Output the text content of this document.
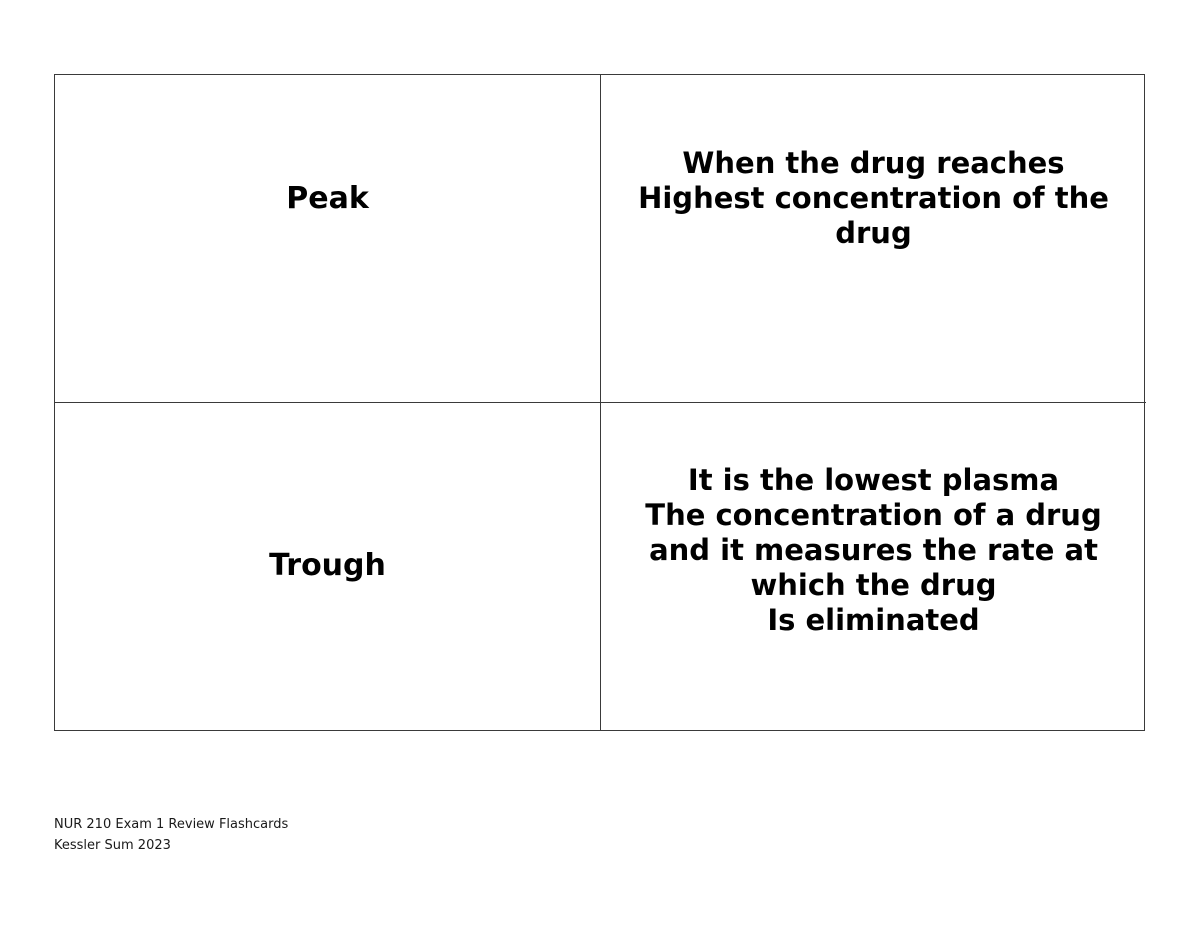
Peak
When the drug reaches
Highest concentration of the
drug
Trough
It is the lowest plasma
The concentration of a drug
and it measures the rate at
which the drug
Is eliminated
NUR 210 Exam 1 Review Flashcards
Kessler Sum 2023
